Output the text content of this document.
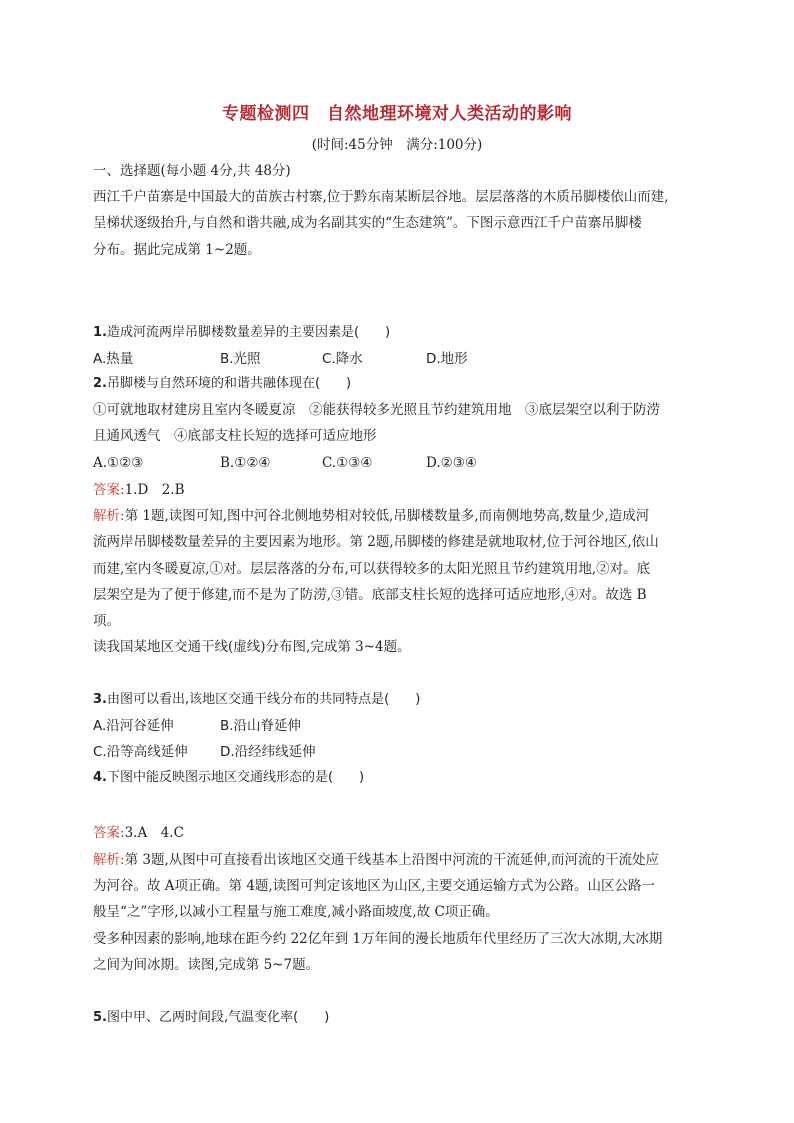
专题检测四　自然地理环境对人类活动的影响
(时间:45分钟　满分:100分)
一、选择题(每小题 4分,共 48分)
西江千户苗寨是中国最大的苗族古村寨,位于黔东南某断层谷地。层层落落的木质吊脚楼依山而建,
呈梯状逐级抬升,与自然和谐共融,成为名副其实的“生态建筑”。下图示意西江千户苗寨吊脚楼
分布。据此完成第 1~2题。
1.造成河流两岸吊脚楼数量差异的主要因素是(　　)
A.热量	B.光照	C.降水	D.地形
2.吊脚楼与自然环境的和谐共融体现在(　　)
①可就地取材建房且室内冬暖夏凉　②能获得较多光照且节约建筑用地　③底层架空以利于防涝
且通风透气　④底部支柱长短的选择可适应地形
A.①②③	B.①②④	C.①③④	D.②③④
答案:1.D　2.B
解析:第 1题,读图可知,图中河谷北侧地势相对较低,吊脚楼数量多,而南侧地势高,数量少,造成河
流两岸吊脚楼数量差异的主要因素为地形。第 2题,吊脚楼的修建是就地取材,位于河谷地区,依山
而建,室内冬暖夏凉,①对。层层落落的分布,可以获得较多的太阳光照且节约建筑用地,②对。底
层架空是为了便于修建,而不是为了防涝,③错。底部支柱长短的选择可适应地形,④对。故选 B
项。
读我国某地区交通干线(虚线)分布图,完成第 3~4题。
3.由图可以看出,该地区交通干线分布的共同特点是(　　)
A.沿河谷延伸	B.沿山脊延伸
C.沿等高线延伸 D.沿经纬线延伸
4.下图中能反映图示地区交通线形态的是(　　)
答案:3.A　4.C
解析:第 3题,从图中可直接看出该地区交通干线基本上沿图中河流的干流延伸,而河流的干流处应
为河谷。故 A项正确。第 4题,读图可判定该地区为山区,主要交通运输方式为公路。山区公路一
般呈“之”字形,以减小工程量与施工难度,减小路面坡度,故 C项正确。
受多种因素的影响,地球在距今约 22亿年到 1万年间的漫长地质年代里经历了三次大冰期,大冰期
之间为间冰期。读图,完成第 5~7题。
5.图中甲、乙两时间段,气温变化率(　　)
